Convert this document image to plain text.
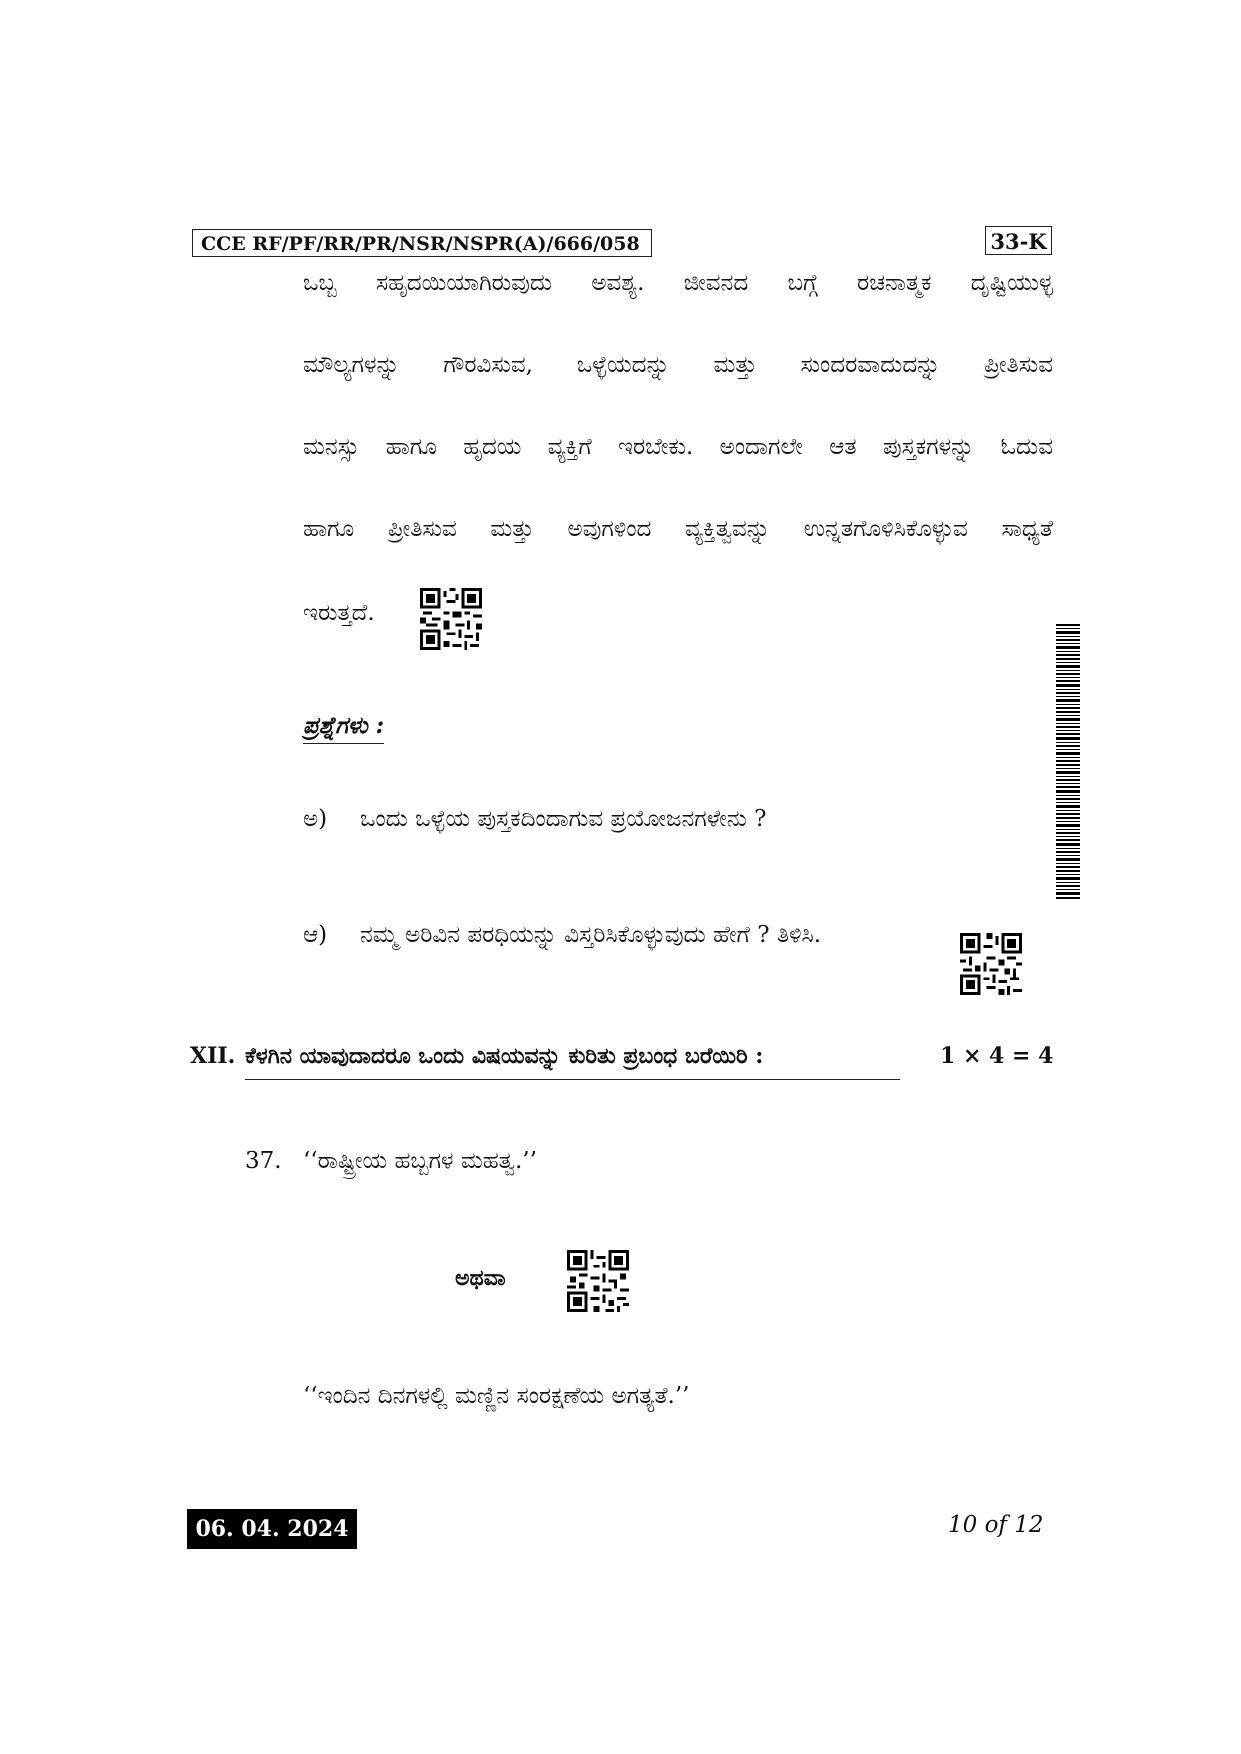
CCE RF/PF/RR/PR/NSR/NSPR(A)/666/058	33-K
ಒಬ್ಬ ಸಹೃದಯಿಯಾಗಿರುವುದು ಅವಶ್ಯ. ಜೀವನದ ಬಗ್ಗೆ ರಚನಾತ್ಮಕ ದೃಷ್ಟಿಯುಳ್ಳ
ಮೌಲ್ಯಗಳನ್ನು ಗೌರವಿಸುವ, ಒಳ್ಳೆಯದನ್ನು ಮತ್ತು ಸುಂದರವಾದುದನ್ನು ಪ್ರೀತಿಸುವ
ಮನಸ್ಸು ಹಾಗೂ ಹೃದಯ ವ್ಯಕ್ತಿಗೆ ಇರಬೇಕು. ಅಂದಾಗಲೇ ಆತ ಪುಸ್ತಕಗಳನ್ನು ಓದುವ
ಹಾಗೂ ಪ್ರೀತಿಸುವ ಮತ್ತು ಅವುಗಳಿಂದ ವ್ಯಕ್ತಿತ್ವವನ್ನು ಉನ್ನತಗೊಳಿಸಿಕೊಳ್ಳುವ ಸಾಧ್ಯತೆ
ಇರುತ್ತದೆ.
ಪ್ರಶ್ನೆಗಳು :
ಅ) ಒಂದು ಒಳ್ಳೆಯ ಪುಸ್ತಕದಿಂದಾಗುವ ಪ್ರಯೋಜನಗಳೇನು ?
ಆ) ನಮ್ಮ ಅರಿವಿನ ಪರಧಿಯನ್ನು ವಿಸ್ತರಿಸಿಕೊಳ್ಳುವುದು ಹೇಗೆ ? ತಿಳಿಸಿ.
XII. ಕೆಳಗಿನ ಯಾವುದಾದರೂ ಒಂದು ವಿಷಯವನ್ನು ಕುರಿತು ಪ್ರಬಂಧ ಬರೆಯಿರಿ :	1 × 4 = 4
37. ‘‘ರಾಷ್ಟ್ರೀಯ ಹಬ್ಬಗಳ ಮಹತ್ವ.’’
ಅಥವಾ
‘‘ಇಂದಿನ ದಿನಗಳಲ್ಲಿ ಮಣ್ಣಿನ ಸಂರಕ್ಷಣೆಯ ಅಗತ್ಯತೆ.’’
06. 04. 2024	10 of 12
